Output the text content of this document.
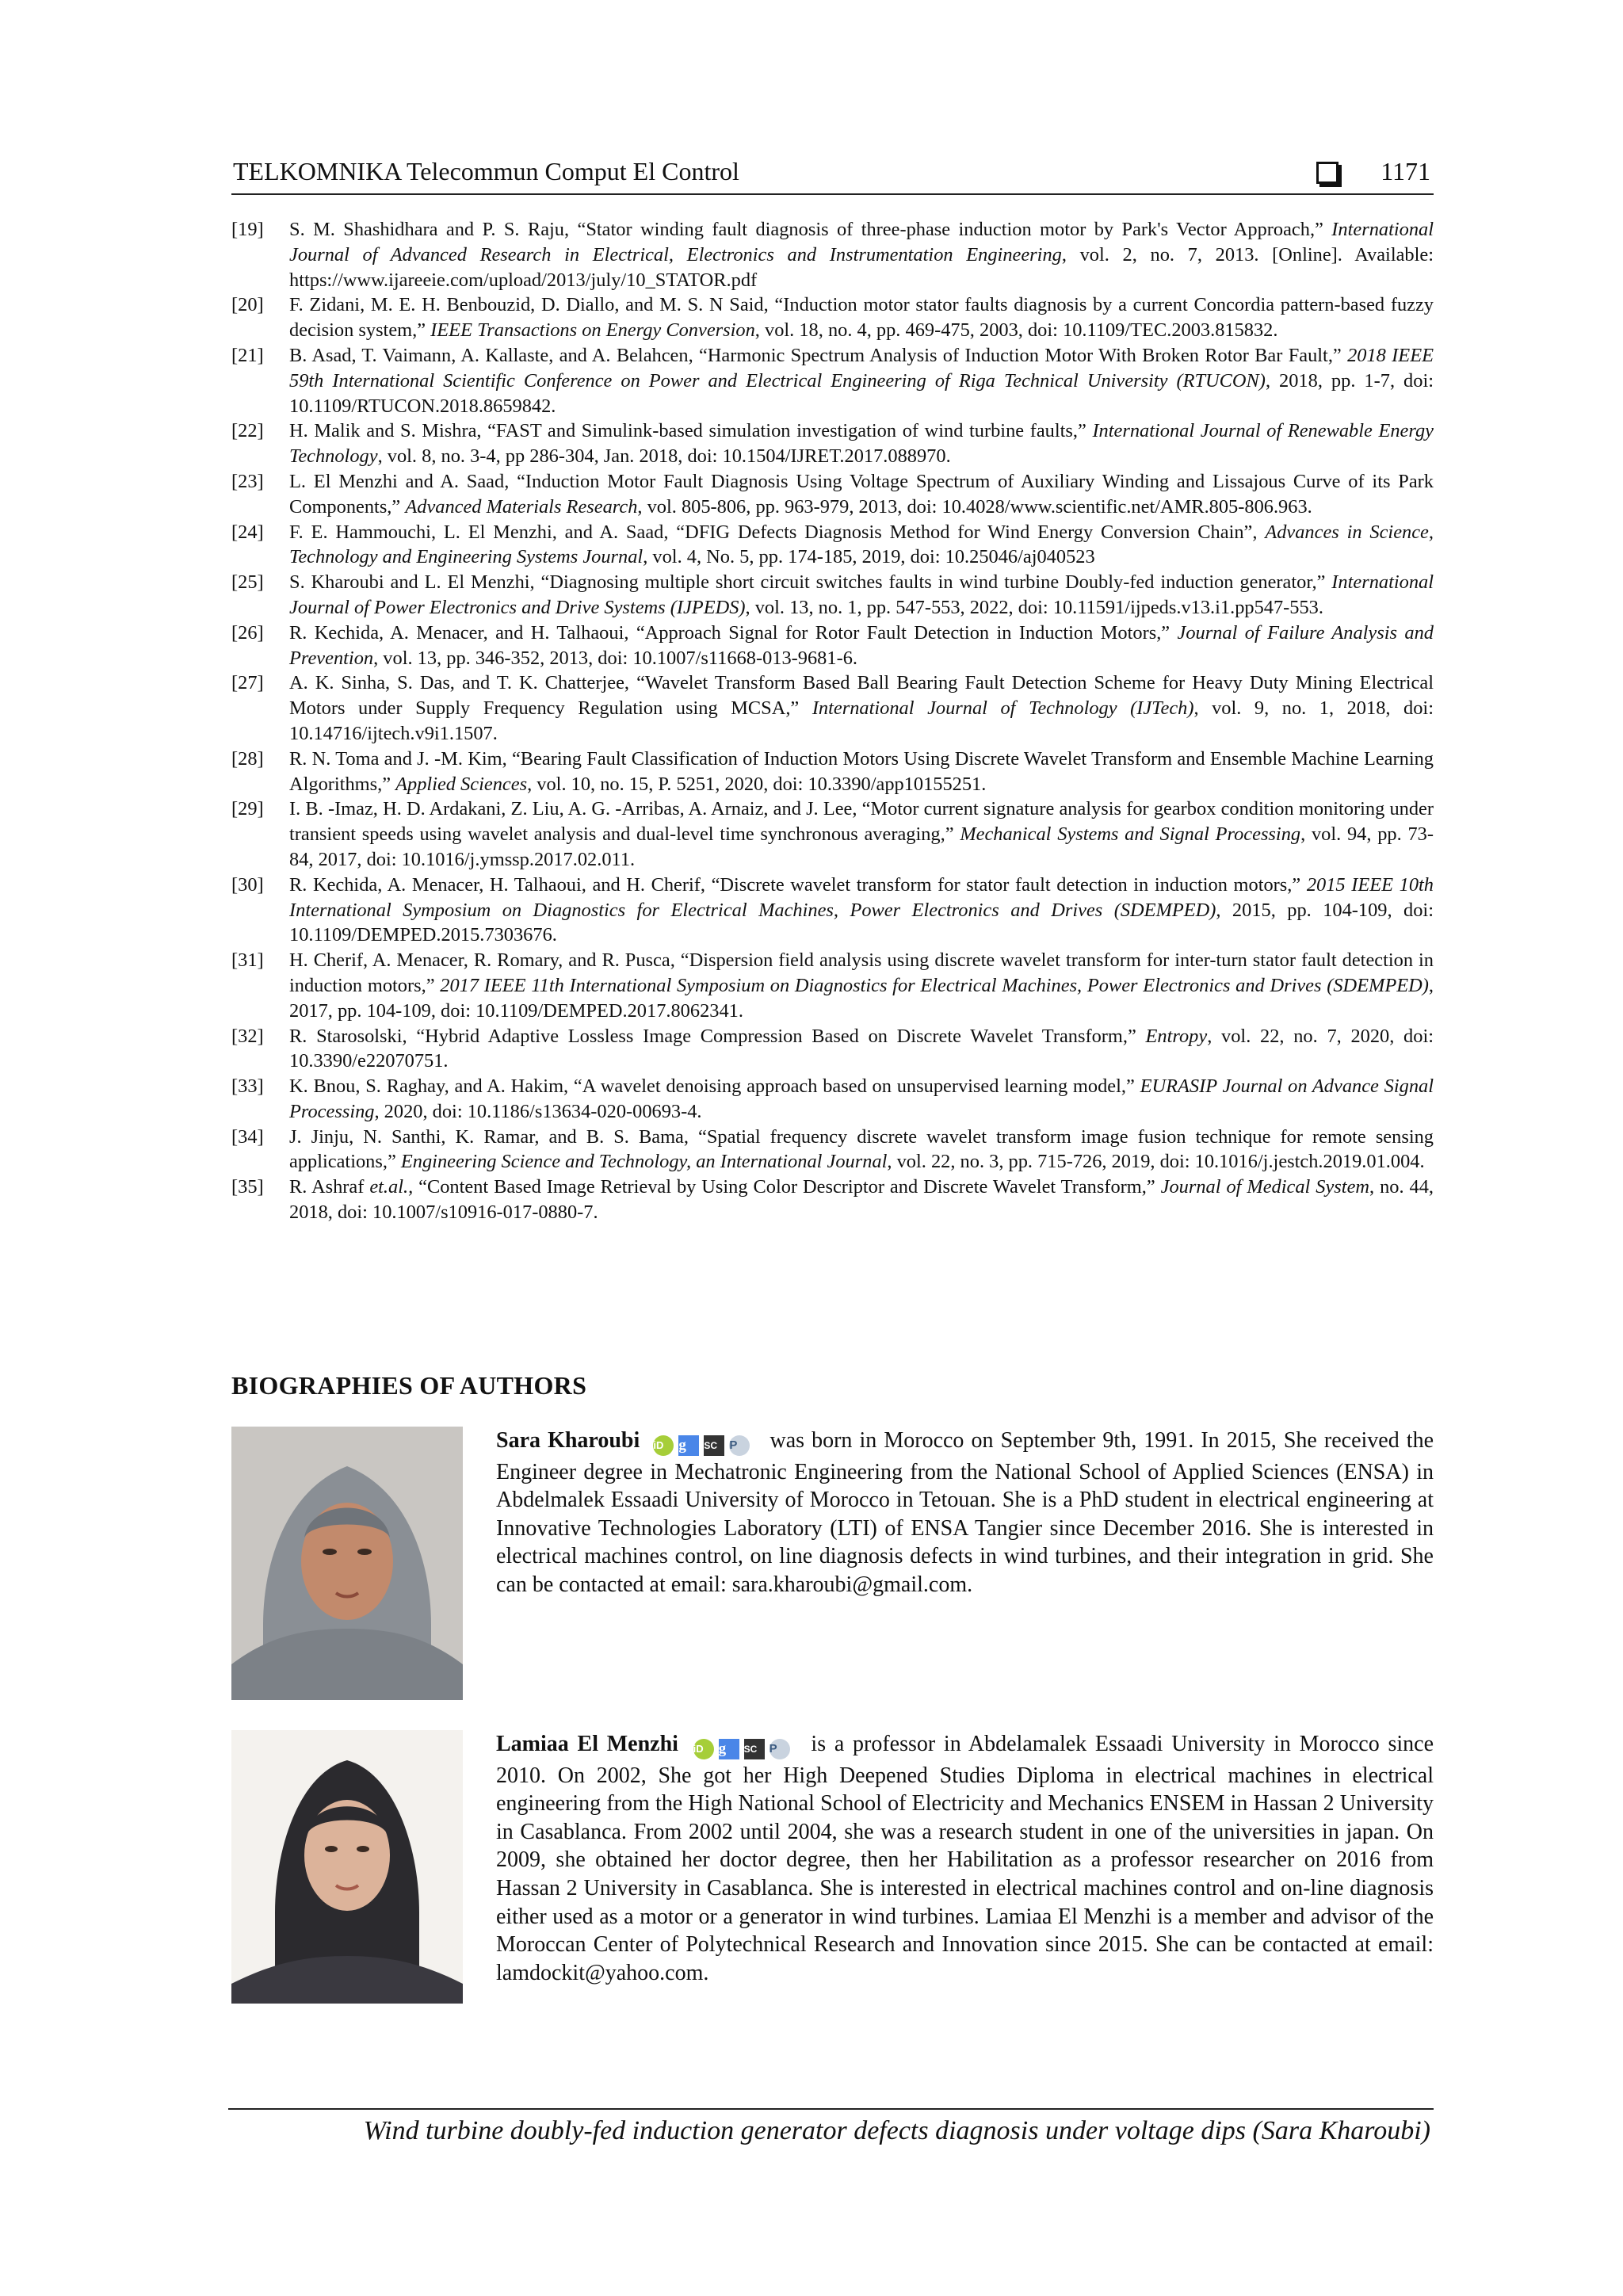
TELKOMNIKA Telecommun Comput El Control	1171
[19] S. M. Shashidhara and P. S. Raju, “Stator winding fault diagnosis of three-phase induction motor by Park's Vector Approach,” International Journal of Advanced Research in Electrical, Electronics and Instrumentation Engineering, vol. 2, no. 7, 2013. [Online]. Available: https://www.ijareeie.com/upload/2013/july/10_STATOR.pdf
[20] F. Zidani, M. E. H. Benbouzid, D. Diallo, and M. S. N Said, “Induction motor stator faults diagnosis by a current Concordia pattern-based fuzzy decision system,” IEEE Transactions on Energy Conversion, vol. 18, no. 4, pp. 469-475, 2003, doi: 10.1109/TEC.2003.815832.
[21] B. Asad, T. Vaimann, A. Kallaste, and A. Belahcen, “Harmonic Spectrum Analysis of Induction Motor With Broken Rotor Bar Fault,” 2018 IEEE 59th International Scientific Conference on Power and Electrical Engineering of Riga Technical University (RTUCON), 2018, pp. 1-7, doi: 10.1109/RTUCON.2018.8659842.
[22] H. Malik and S. Mishra, “FAST and Simulink-based simulation investigation of wind turbine faults,” International Journal of Renewable Energy Technology, vol. 8, no. 3-4, pp 286-304, Jan. 2018, doi: 10.1504/IJRET.2017.088970.
[23] L. El Menzhi and A. Saad, “Induction Motor Fault Diagnosis Using Voltage Spectrum of Auxiliary Winding and Lissajous Curve of its Park Components,” Advanced Materials Research, vol. 805-806, pp. 963-979, 2013, doi: 10.4028/www.scientific.net/AMR.805-806.963.
[24] F. E. Hammouchi, L. El Menzhi, and A. Saad, “DFIG Defects Diagnosis Method for Wind Energy Conversion Chain”, Advances in Science, Technology and Engineering Systems Journal, vol. 4, No. 5, pp. 174-185, 2019, doi: 10.25046/aj040523
[25] S. Kharoubi and L. El Menzhi, “Diagnosing multiple short circuit switches faults in wind turbine Doubly-fed induction generator,” International Journal of Power Electronics and Drive Systems (IJPEDS), vol. 13, no. 1, pp. 547-553, 2022, doi: 10.11591/ijpeds.v13.i1.pp547-553.
[26] R. Kechida, A. Menacer, and H. Talhaoui, “Approach Signal for Rotor Fault Detection in Induction Motors,” Journal of Failure Analysis and Prevention, vol. 13, pp. 346-352, 2013, doi: 10.1007/s11668-013-9681-6.
[27] A. K. Sinha, S. Das, and T. K. Chatterjee, “Wavelet Transform Based Ball Bearing Fault Detection Scheme for Heavy Duty Mining Electrical Motors under Supply Frequency Regulation using MCSA,” International Journal of Technology (IJTech), vol. 9, no. 1, 2018, doi: 10.14716/ijtech.v9i1.1507.
[28] R. N. Toma and J. -M. Kim, “Bearing Fault Classification of Induction Motors Using Discrete Wavelet Transform and Ensemble Machine Learning Algorithms,” Applied Sciences, vol. 10, no. 15, P. 5251, 2020, doi: 10.3390/app10155251.
[29] I. B. -Imaz, H. D. Ardakani, Z. Liu, A. G. -Arribas, A. Arnaiz, and J. Lee, “Motor current signature analysis for gearbox condition monitoring under transient speeds using wavelet analysis and dual-level time synchronous averaging,” Mechanical Systems and Signal Processing, vol. 94, pp. 73-84, 2017, doi: 10.1016/j.ymssp.2017.02.011.
[30] R. Kechida, A. Menacer, H. Talhaoui, and H. Cherif, “Discrete wavelet transform for stator fault detection in induction motors,” 2015 IEEE 10th International Symposium on Diagnostics for Electrical Machines, Power Electronics and Drives (SDEMPED), 2015, pp. 104-109, doi: 10.1109/DEMPED.2015.7303676.
[31] H. Cherif, A. Menacer, R. Romary, and R. Pusca, “Dispersion field analysis using discrete wavelet transform for inter-turn stator fault detection in induction motors,” 2017 IEEE 11th International Symposium on Diagnostics for Electrical Machines, Power Electronics and Drives (SDEMPED), 2017, pp. 104-109, doi: 10.1109/DEMPED.2017.8062341.
[32] R. Starosolski, “Hybrid Adaptive Lossless Image Compression Based on Discrete Wavelet Transform,” Entropy, vol. 22, no. 7, 2020, doi: 10.3390/e22070751.
[33] K. Bnou, S. Raghay, and A. Hakim, “A wavelet denoising approach based on unsupervised learning model,” EURASIP Journal on Advance Signal Processing, 2020, doi: 10.1186/s13634-020-00693-4.
[34] J. Jinju, N. Santhi, K. Ramar, and B. S. Bama, “Spatial frequency discrete wavelet transform image fusion technique for remote sensing applications,” Engineering Science and Technology, an International Journal, vol. 22, no. 3, pp. 715-726, 2019, doi: 10.1016/j.jestch.2019.01.004.
[35] R. Ashraf et.al., “Content Based Image Retrieval by Using Color Descriptor and Discrete Wavelet Transform,” Journal of Medical System, no. 44, 2018, doi: 10.1007/s10916-017-0880-7.
BIOGRAPHIES OF AUTHORS
Sara Kharoubi iD g SC P was born in Morocco on September 9th, 1991. In 2015, She received the Engineer degree in Mechatronic Engineering from the National School of Applied Sciences (ENSA) in Abdelmalek Essaadi University of Morocco in Tetouan. She is a PhD student in electrical engineering at Innovative Technologies Laboratory (LTI) of ENSA Tangier since December 2016. She is interested in electrical machines control, on line diagnosis defects in wind turbines, and their integration in grid. She can be contacted at email: sara.kharoubi@gmail.com.
Lamiaa El Menzhi iD g SC P is a professor in Abdelamalek Essaadi University in Morocco since 2010. On 2002, She got her High Deepened Studies Diploma in electrical machines in electrical engineering from the High National School of Electricity and Mechanics ENSEM in Hassan 2 University in Casablanca. From 2002 until 2004, she was a research student in one of the universities in japan. On 2009, she obtained her doctor degree, then her Habilitation as a professor researcher on 2016 from Hassan 2 University in Casablanca. She is interested in electrical machines control and on-line diagnosis either used as a motor or a generator in wind turbines. Lamiaa El Menzhi is a member and advisor of the Moroccan Center of Polytechnical Research and Innovation since 2015. She can be contacted at email: lamdockit@yahoo.com.
Wind turbine doubly-fed induction generator defects diagnosis under voltage dips (Sara Kharoubi)
